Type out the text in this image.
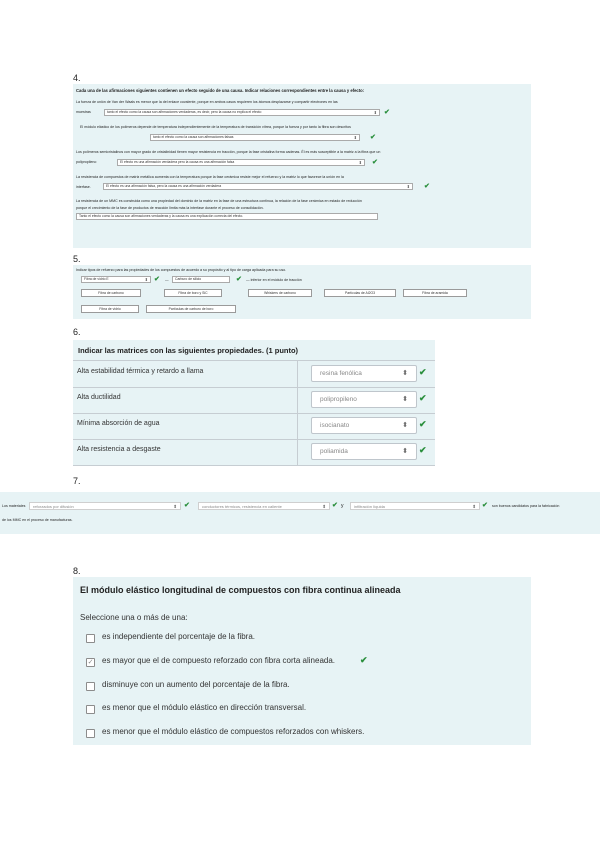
4.
Cada una de las afirmaciones siguientes contienen un efecto seguido de una causa. Indicar relaciones correspondientes entre la causa y efecto:
La fuerza de unión de Van der Waals es menor que la del enlace covalente, porque en ambos casos requieren los átomos desplazarse y compartir electrones en las
muestras	tanto el efecto como la causa son afirmaciones verdaderas, es decir, pero la causa no explica el efecto	⬍ ✔
El módulo elástico de los polímeros depende de temperatura independientemente de la temperatura de transición vítrea, porque la fuerza y por tanto la fibra son descritos
tanto el efecto como la causa son afirmaciones falsas	⬍ ✔
Los polímeros semicristalinos con mayor grado de cristalinidad tienen mayor resistencia en tracción, porque la fase cristalina forma cadenas. Él es más susceptible a la matriz a la fibra que un
polipropileno	El efecto es una afirmación verdadera pero la causa es una afirmación falsa	⬍ ✔
La resistencia de compuestos de matriz metálica aumenta con la temperatura porque la fase cerámica resiste mejor el refuerzo y la matriz lo que favorece la unión en la
interfase.	El efecto es una afirmación falsa, pero la causa es una afirmación verdadera	⬍ ✔
La resistencia de un MMC es construida como una propiedad del dominio de la matriz en la fase de una estructura continua, la relación de la fase cerámica en estado de reducción
porque el crecimiento de la fase de productos de reacción limita más la interfase durante el proceso de consolidación.
Tanto el efecto como la causa son afirmaciones verdaderas y la causa es una explicación correcta del efecto.
5.
Indicar tipos de refuerzo para las propiedades de los compuestos de acuerdo a su propósito y al tipo de carga aplicada para su uso.
Fibra de vidrio E	⬍ ✔ —	Carburo de silicio	✔ — inferior en el módulo de tracción
Fibra de carbono	Fibra de boro y SiC	Whiskers de carbono	Partículas de Al2O3	Fibra de aramida
Fibra de vidrio	Partículas de carburo de boro
6.
Indicar las matrices con las siguientes propiedades. (1 punto)
Alta estabilidad térmica y retardo a llama	resina fenólica	⬍ ✔
Alta ductilidad	polipropileno	⬍ ✔
Mínima absorción de agua	isocianato	⬍ ✔
Alta resistencia a desgaste	poliamida	⬍ ✔
7.
Los materiales	reforzados por difusión	⬍ ✔	conductores térmicos, resistencia en caliente	⬍ ✔ y	infiltración líquida	⬍ ✔ son buenos candidatos para la fabricación
de los MMC en el proceso de manufacturas.
8.
El módulo elástico longitudinal de compuestos con fibra continua alineada
Seleccione una o más de una:
es independiente del porcentaje de la fibra.
✓ es mayor que el de compuesto reforzado con fibra corta alineada.	✔
disminuye con un aumento del porcentaje de la fibra.
es menor que el módulo elástico en dirección transversal.
es menor que el módulo elástico de compuestos reforzados con whiskers.
